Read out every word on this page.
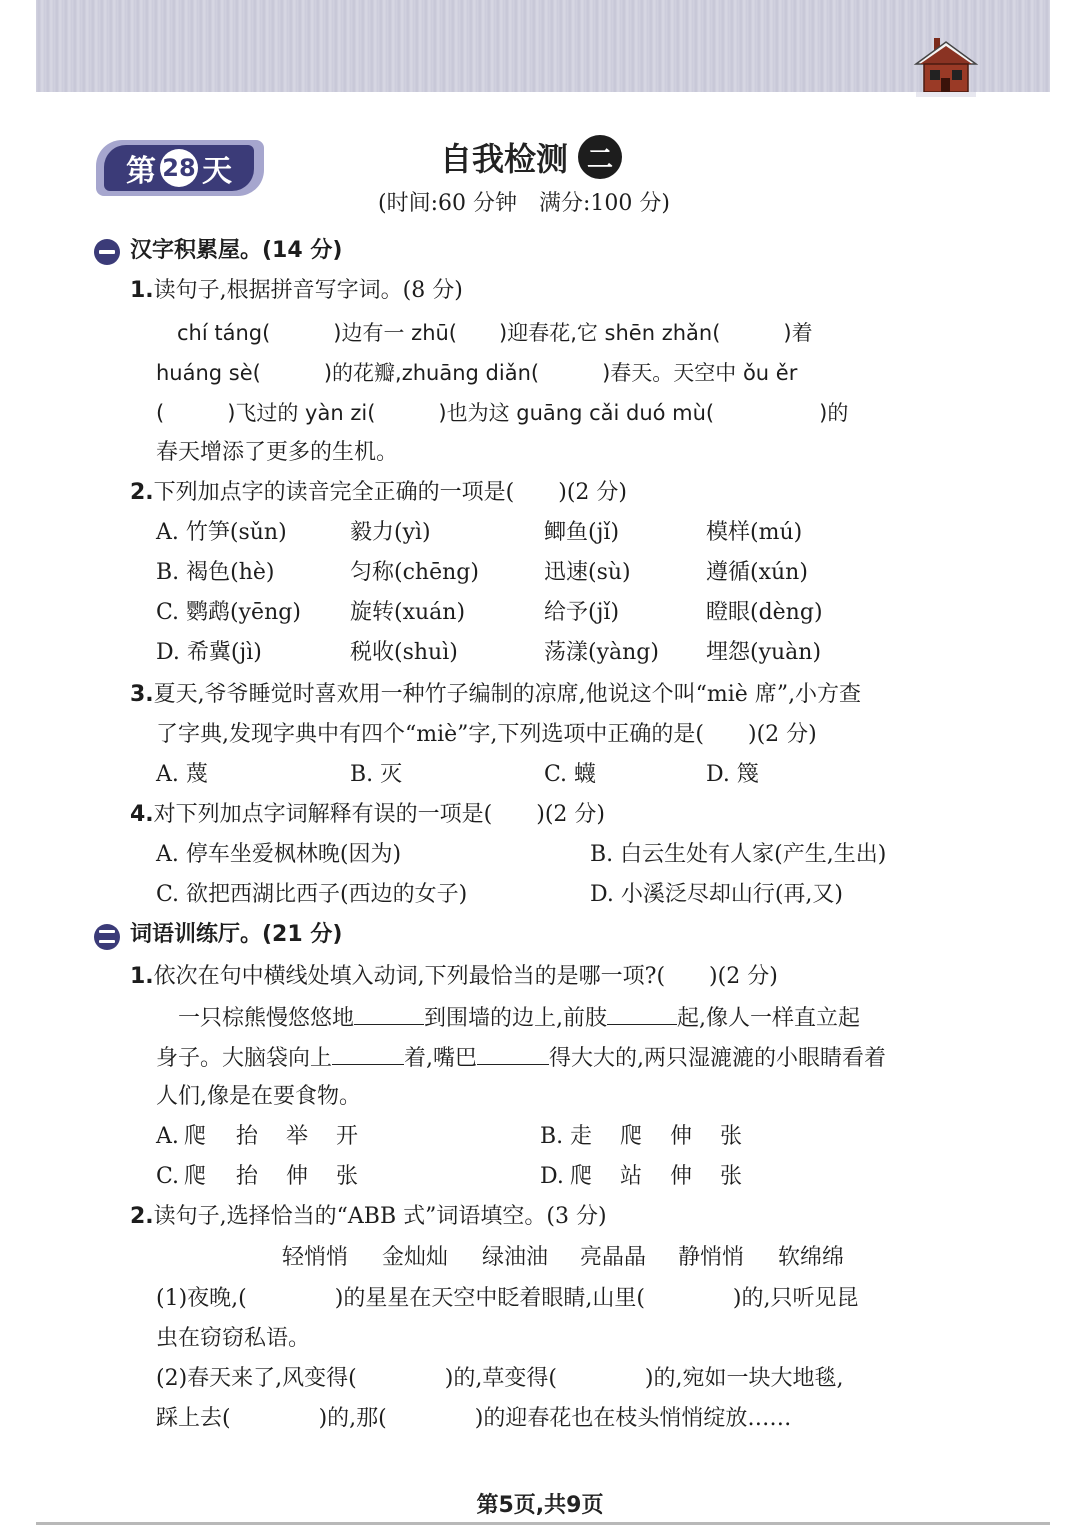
第 28 天	自我检测 二
(时间:60 分钟　满分:100 分)
汉字积累屋。(14 分)
1.读句子,根据拼音写字词。(8 分)
　chí táng(　　　)边有一 zhū(　　)迎春花,它 shēn zhǎn(　　　)着
huáng sè(　　　)的花瓣,zhuāng diǎn(　　　)春天。天空中 ǒu ěr
(　　　)飞过的 yàn zi(　　　)也为这 guāng cǎi duó mù(　　　　　)的
春天增添了更多的生机。
2.下列加点字的读音完全正确的一项是(　　)(2 分)
A. 竹笋(sǔn)	毅力(yì)	鲫鱼(jǐ)	模样(mú)
B. 褐色(hè)	匀称(chēng)	迅速(sù)	遵循(xún)
C. 鹦鹉(yēng) 旋转(xuán)	给予(jǐ)	瞪眼(dèng)
D. 希冀(jì)	税收(shuì)	荡漾(yàng) 埋怨(yuàn)
3.夏天,爷爷睡觉时喜欢用一种竹子编制的凉席,他说这个叫“miè 席”,小方查
了字典,发现字典中有四个“miè”字,下列选项中正确的是(　　)(2 分)
A. 蔑	B. 灭	C. 蠛	D. 篾
4.对下列加点字词解释有误的一项是(　　)(2 分)
A. 停车坐爱枫林晚(因为)	B. 白云生处有人家(产生,生出)
C. 欲把西湖比西子(西边的女子)	D. 小溪泛尽却山行(再,又)
词语训练厅。(21 分)
1.依次在句中横线处填入动词,下列最恰当的是哪一项?(　　)(2 分)
　一只棕熊慢悠悠地	到围墙的边上,前肢	起,像人一样直立起
身子。大脑袋向上	着,嘴巴	得大大的,两只湿漉漉的小眼睛看着
人们,像是在要食物。
A. 爬 抬 举 开	B. 走 爬 伸 张
C. 爬 抬 伸 张	D. 爬 站 伸 张
2.读句子,选择恰当的“ABB 式”词语填空。(3 分)
轻悄悄 金灿灿 绿油油 亮晶晶 静悄悄 软绵绵
(1)夜晚,(　　　　)的星星在天空中眨着眼睛,山里(　　　　)的,只听见昆
虫在窃窃私语。
(2)春天来了,风变得(　　　　)的,草变得(　　　　)的,宛如一块大地毯,
踩上去(　　　　)的,那(　　　　)的迎春花也在枝头悄悄绽放……
第5页,共9页
